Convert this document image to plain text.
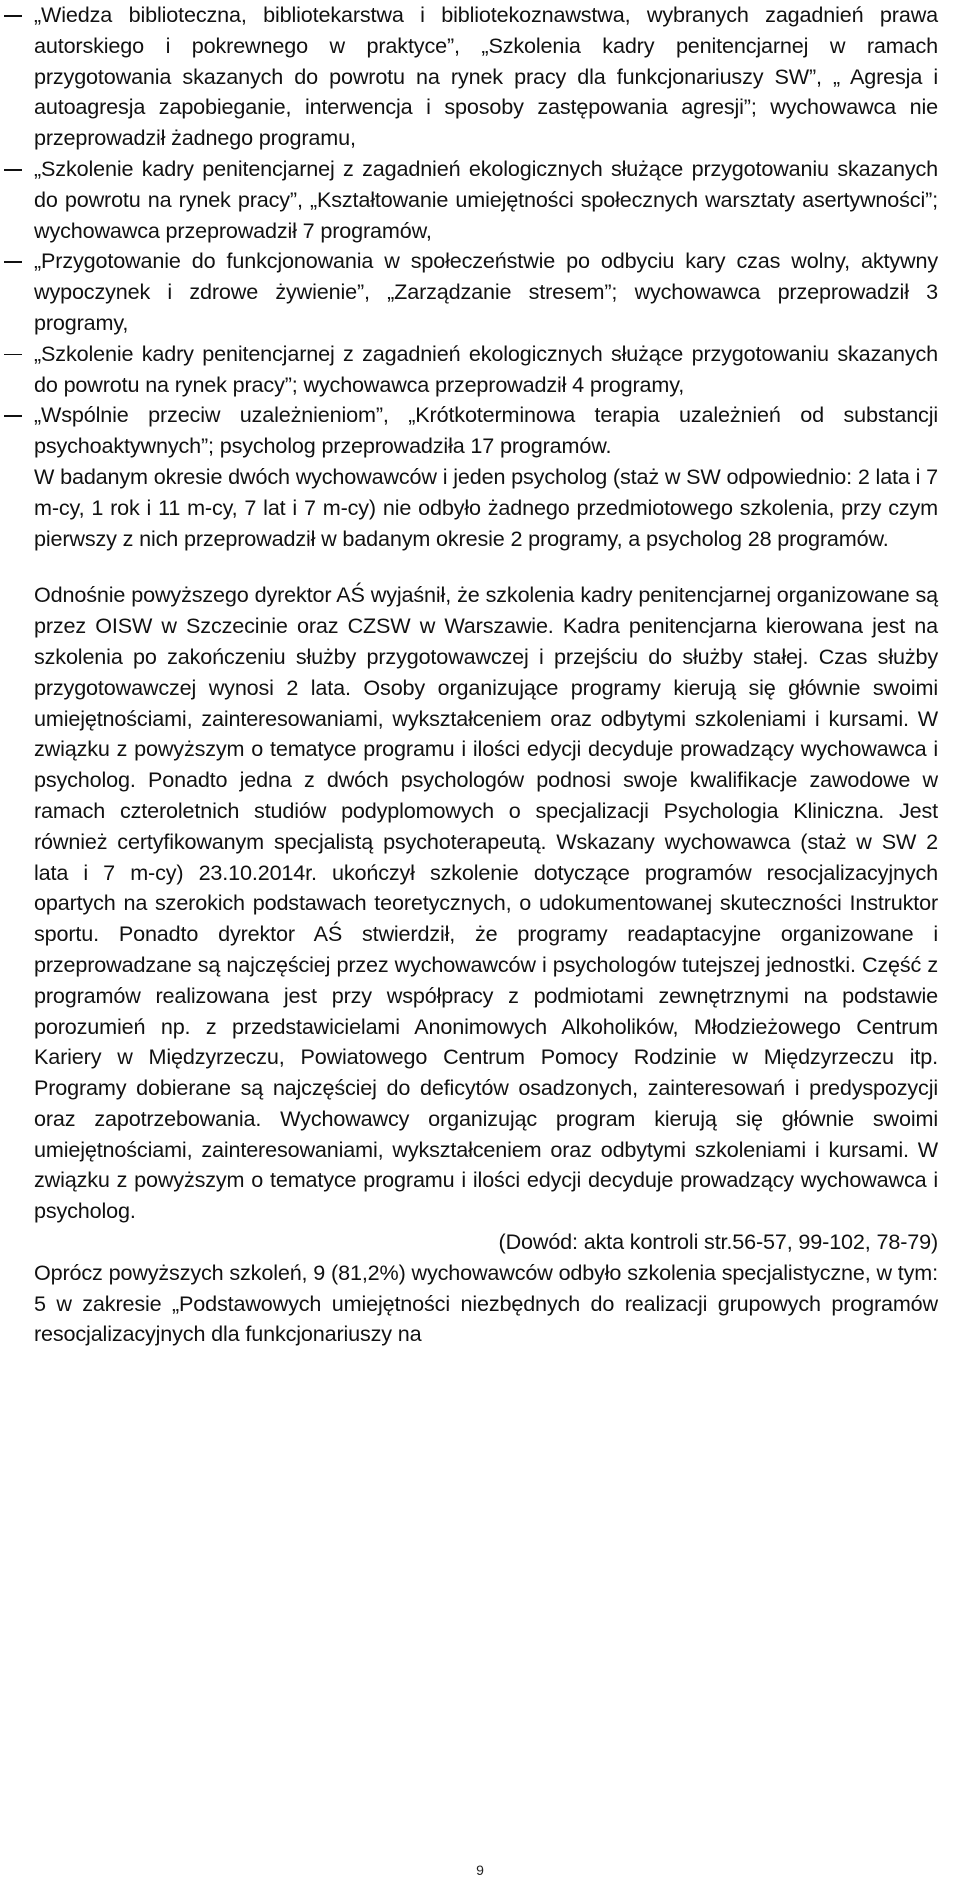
„Wiedza biblioteczna, bibliotekarstwa i bibliotekoznawstwa, wybranych zagadnień prawa autorskiego i pokrewnego w praktyce”, „Szkolenia kadry penitencjarnej w ramach przygotowania skazanych do powrotu na rynek pracy dla funkcjonariuszy SW”, „ Agresja i autoagresja zapobieganie, interwencja i sposoby zastępowania agresji”; wychowawca nie przeprowadził żadnego programu,

„Szkolenie kadry penitencjarnej z zagadnień ekologicznych służące przygotowaniu skazanych do powrotu na rynek pracy”, „Kształtowanie umiejętności społecznych warsztaty asertywności”; wychowawca przeprowadził 7 programów,

„Przygotowanie do funkcjonowania w społeczeństwie po odbyciu kary czas wolny, aktywny wypoczynek i zdrowe żywienie”, „Zarządzanie stresem”; wychowawca przeprowadził 3 programy,

„Szkolenie kadry penitencjarnej z zagadnień ekologicznych służące przygotowaniu skazanych do powrotu na rynek pracy”; wychowawca przeprowadził 4 programy,

„Wspólnie przeciw uzależnieniom”, „Krótkoterminowa terapia uzależnień od substancji psychoaktywnych”; psycholog przeprowadziła 17 programów.

W badanym okresie dwóch wychowawców i jeden psycholog (staż w SW odpowiednio: 2 lata i 7 m-cy, 1 rok i 11 m-cy, 7 lat i 7 m-cy) nie odbyło żadnego przedmiotowego szkolenia, przy czym pierwszy z nich przeprowadził w badanym okresie 2 programy, a psycholog 28 programów.

Odnośnie powyższego dyrektor AŚ wyjaśnił, że szkolenia kadry penitencjarnej organizowane są przez OISW w Szczecinie oraz CZSW w Warszawie. Kadra penitencjarna kierowana jest na szkolenia po zakończeniu służby przygotowawczej i przejściu do służby stałej. Czas służby przygotowawczej wynosi 2 lata. Osoby organizujące programy kierują się głównie swoimi umiejętnościami, zainteresowaniami, wykształceniem oraz odbytymi szkoleniami i kursami. W związku z powyższym o tematyce programu i ilości edycji decyduje prowadzący wychowawca i psycholog. Ponadto jedna z dwóch psychologów podnosi swoje kwalifikacje zawodowe w ramach czteroletnich studiów podyplomowych o specjalizacji Psychologia Kliniczna. Jest również certyfikowanym specjalistą psychoterapeutą. Wskazany wychowawca (staż w SW 2 lata i 7 m-cy) 23.10.2014r. ukończył szkolenie dotyczące programów resocjalizacyjnych opartych na szerokich podstawach teoretycznych, o udokumentowanej skuteczności Instruktor sportu. Ponadto dyrektor AŚ stwierdził, że programy readaptacyjne organizowane i przeprowadzane są najczęściej przez wychowawców i psychologów tutejszej jednostki. Część z programów realizowana jest przy współpracy z podmiotami zewnętrznymi na podstawie porozumień np. z przedstawicielami Anonimowych Alkoholików, Młodzieżowego Centrum Kariery w Międzyrzeczu, Powiatowego Centrum Pomocy Rodzinie w Międzyrzeczu itp. Programy dobierane są najczęściej do deficytów osadzonych, zainteresowań i predyspozycji oraz zapotrzebowania. Wychowawcy organizując program kierują się głównie swoimi umiejętnościami, zainteresowaniami, wykształceniem oraz odbytymi szkoleniami i kursami. W związku z powyższym o tematyce programu i ilości edycji decyduje prowadzący wychowawca i psycholog.

(Dowód: akta kontroli str.56-57, 99-102, 78-79)

Oprócz powyższych szkoleń, 9 (81,2%) wychowawców odbyło szkolenia specjalistyczne, w tym: 5 w zakresie „Podstawowych umiejętności niezbędnych do realizacji grupowych programów resocjalizacyjnych dla funkcjonariuszy na

9
